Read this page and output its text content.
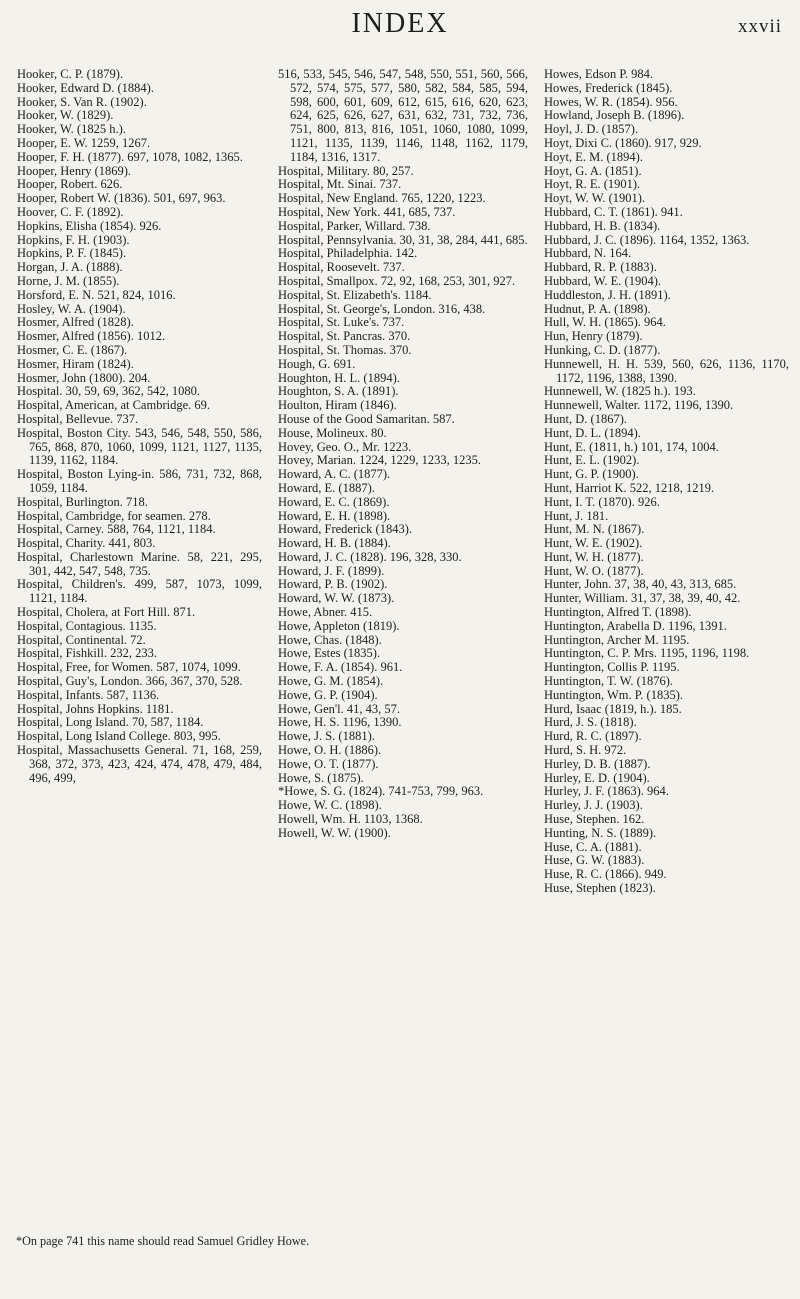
INDEX	xxvii

Hooker, C. P. (1879).

Hooker, Edward D. (1884).

Hooker, S. Van R. (1902).

Hooker, W. (1829).

Hooker, W. (1825 h.).

Hooper, E. W. 1259, 1267.

Hooper, F. H. (1877). 697, 1078, 1082, 1365.

Hooper, Henry (1869).

Hooper, Robert. 626.

Hooper, Robert W. (1836). 501, 697, 963.

Hoover, C. F. (1892).

Hopkins, Elisha (1854). 926.

Hopkins, F. H. (1903).

Hopkins, P. F. (1845).

Horgan, J. A. (1888).

Horne, J. M. (1855).

Horsford, E. N. 521, 824, 1016.

Hosley, W. A. (1904).

Hosmer, Alfred (1828).

Hosmer, Alfred (1856). 1012.

Hosmer, C. E. (1867).

Hosmer, Hiram (1824).

Hosmer, John (1800). 204.

Hospital. 30, 59, 69, 362, 542, 1080.

Hospital, American, at Cambridge. 69.

Hospital, Bellevue. 737.

Hospital, Boston City. 543, 546, 548, 550, 586, 765, 868, 870, 1060, 1099, 1121, 1127, 1135, 1139, 1162, 1184.

Hospital, Boston Lying-in. 586, 731, 732, 868, 1059, 1184.

Hospital, Burlington. 718.

Hospital, Cambridge, for seamen. 278.

Hospital, Carney. 588, 764, 1121, 1184.

Hospital, Charity. 441, 803.

Hospital, Charlestown Marine. 58, 221, 295, 301, 442, 547, 548, 735.

Hospital, Children's. 499, 587, 1073, 1099, 1121, 1184.

Hospital, Cholera, at Fort Hill. 871.

Hospital, Contagious. 1135.

Hospital, Continental. 72.

Hospital, Fishkill. 232, 233.

Hospital, Free, for Women. 587, 1074, 1099.

Hospital, Guy's, London. 366, 367, 370, 528.

Hospital, Infants. 587, 1136.

Hospital, Johns Hopkins. 1181.

Hospital, Long Island. 70, 587, 1184.

Hospital, Long Island College. 803, 995.

Hospital, Massachusetts General. 71, 168, 259, 368, 372, 373, 423, 424, 474, 478, 479, 484, 496, 499,

516, 533, 545, 546, 547, 548, 550, 551, 560, 566, 572, 574, 575, 577, 580, 582, 584, 585, 594, 598, 600, 601, 609, 612, 615, 616, 620, 623, 624, 625, 626, 627, 631, 632, 731, 732, 736, 751, 800, 813, 816, 1051, 1060, 1080, 1099, 1121, 1135, 1139, 1146, 1148, 1162, 1179, 1184, 1316, 1317.

Hospital, Military. 80, 257.

Hospital, Mt. Sinai. 737.

Hospital, New England. 765, 1220, 1223.

Hospital, New York. 441, 685, 737.

Hospital, Parker, Willard. 738.

Hospital, Pennsylvania. 30, 31, 38, 284, 441, 685.

Hospital, Philadelphia. 142.

Hospital, Roosevelt. 737.

Hospital, Smallpox. 72, 92, 168, 253, 301, 927.

Hospital, St. Elizabeth's. 1184.

Hospital, St. George's, London. 316, 438.

Hospital, St. Luke's. 737.

Hospital, St. Pancras. 370.

Hospital, St. Thomas. 370.

Hough, G. 691.

Houghton, H. L. (1894).

Houghton, S. A. (1891).

Houlton, Hiram (1846).

House of the Good Samaritan. 587.

House, Molineux. 80.

Hovey, Geo. O., Mr. 1223.

Hovey, Marian. 1224, 1229, 1233, 1235.

Howard, A. C. (1877).

Howard, E. (1887).

Howard, E. C. (1869).

Howard, E. H. (1898).

Howard, Frederick (1843).

Howard, H. B. (1884).

Howard, J. C. (1828). 196, 328, 330.

Howard, J. F. (1899).

Howard, P. B. (1902).

Howard, W. W. (1873).

Howe, Abner. 415.

Howe, Appleton (1819).

Howe, Chas. (1848).

Howe, Estes (1835).

Howe, F. A. (1854). 961.

Howe, G. M. (1854).

Howe, G. P. (1904).

Howe, Gen'l. 41, 43, 57.

Howe, H. S. 1196, 1390.

Howe, J. S. (1881).

Howe, O. H. (1886).

Howe, O. T. (1877).

Howe, S. (1875).

*Howe, S. G. (1824). 741-753, 799, 963.

Howe, W. C. (1898).

Howell, Wm. H. 1103, 1368.

Howell, W. W. (1900).

Howes, Edson P. 984.

Howes, Frederick (1845).

Howes, W. R. (1854). 956.

Howland, Joseph B. (1896).

Hoyl, J. D. (1857).

Hoyt, Dixi C. (1860). 917, 929.

Hoyt, E. M. (1894).

Hoyt, G. A. (1851).

Hoyt, R. E. (1901).

Hoyt, W. W. (1901).

Hubbard, C. T. (1861). 941.

Hubbard, H. B. (1834).

Hubbard, J. C. (1896). 1164, 1352, 1363.

Hubbard, N. 164.

Hubbard, R. P. (1883).

Hubbard, W. E. (1904).

Huddleston, J. H. (1891).

Hudnut, P. A. (1898).

Hull, W. H. (1865). 964.

Hun, Henry (1879).

Hunking, C. D. (1877).

Hunnewell, H. H. 539, 560, 626, 1136, 1170, 1172, 1196, 1388, 1390.

Hunnewell, W. (1825 h.). 193.

Hunnewell, Walter. 1172, 1196, 1390.

Hunt, D. (1867).

Hunt, D. L. (1894).

Hunt, E. (1811, h.) 101, 174, 1004.

Hunt, E. L. (1902).

Hunt, G. P. (1900).

Hunt, Harriot K. 522, 1218, 1219.

Hunt, I. T. (1870). 926.

Hunt, J. 181.

Hunt, M. N. (1867).

Hunt, W. E. (1902).

Hunt, W. H. (1877).

Hunt, W. O. (1877).

Hunter, John. 37, 38, 40, 43, 313, 685.

Hunter, William. 31, 37, 38, 39, 40, 42.

Huntington, Alfred T. (1898).

Huntington, Arabella D. 1196, 1391.

Huntington, Archer M. 1195.

Huntington, C. P. Mrs. 1195, 1196, 1198.

Huntington, Collis P. 1195.

Huntington, T. W. (1876).

Huntington, Wm. P. (1835).

Hurd, Isaac (1819, h.). 185.

Hurd, J. S. (1818).

Hurd, R. C. (1897).

Hurd, S. H. 972.

Hurley, D. B. (1887).

Hurley, E. D. (1904).

Hurley, J. F. (1863). 964.

Hurley, J. J. (1903).

Huse, Stephen. 162.

Hunting, N. S. (1889).

Huse, C. A. (1881).

Huse, G. W. (1883).

Huse, R. C. (1866). 949.

Huse, Stephen (1823).

*On page 741 this name should read Samuel Gridley Howe.
